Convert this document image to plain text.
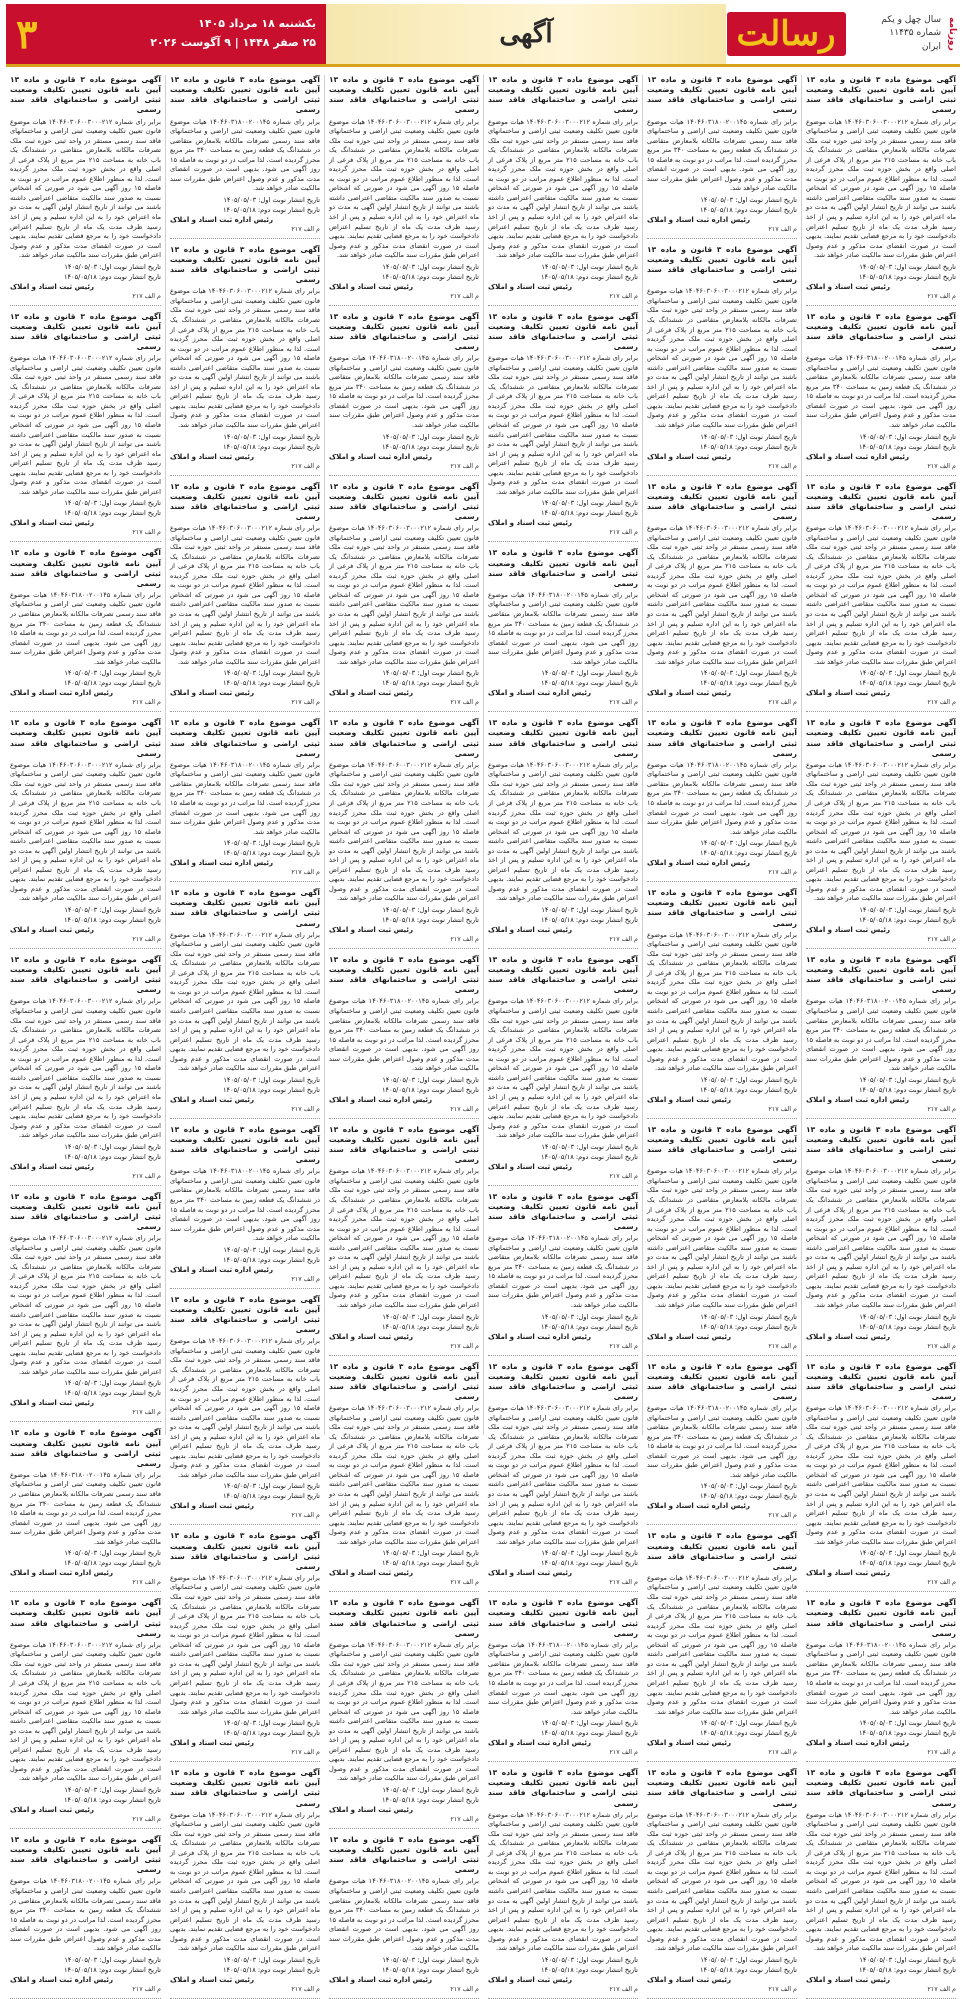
روزنامه
سال چهل و یکم
شماره ۱۱۴۳۵
ایران
رسالت
آگهی
یکشنبه ۱۸ مرداد ۱۴۰۵
۲۵ صفر ۱۴۴۸ | ۹ آگوست ۲۰۲۶
۳
آگهی موضوع ماده ۳ قانون و ماده ۱۳ آیین نامه قانون تعیین تکلیف وضعیت ثبتی اراضی و ساختمانهای فاقد سند رسمی

برابر رای شماره ۱۴۰۴۶۰۳۰۶۰۰۳۰۰۰۲۱۲ هیات موضوع قانون تعیین تکلیف وضعیت ثبتی اراضی و ساختمانهای فاقد سند رسمی مستقر در واحد ثبتی حوزه ثبت ملک تصرفات مالکانه بلامعارض متقاضی در ششدانگ یک باب خانه به مساحت ۲۱۵ متر مربع از پلاک فرعی از اصلی واقع در بخش حوزه ثبت ملک محرز گردیده است. لذا به منظور اطلاع عموم مراتب در دو نوبت به فاصله ۱۵ روز آگهی می شود در صورتی که اشخاص نسبت به صدور سند مالکیت متقاضی اعتراضی داشته باشند می توانند از تاریخ انتشار اولین آگهی به مدت دو ماه اعتراض خود را به این اداره تسلیم و پس از اخذ رسید ظرف مدت یک ماه از تاریخ تسلیم اعتراض دادخواست خود را به مرجع قضایی تقدیم نمایند. بدیهی است در صورت انقضای مدت مذکور و عدم وصول اعتراض طبق مقررات سند مالکیت صادر خواهد شد.

تاریخ انتشار نوبت اول: ۱۴۰۵/۰۵/۰۳
تاریخ انتشار نوبت دوم: ۱۴۰۵/۰۵/۱۸
رئیس ثبت اسناد و املاک
م الف ۲۱۷
آگهی موضوع ماده ۳ قانون و ماده ۱۳ آیین نامه قانون تعیین تکلیف وضعیت ثبتی اراضی و ساختمانهای فاقد سند رسمی

برابر رای شماره ۱۴۰۴۶۰۳۱۸۰۰۲۰۰۱۴۵ هیات موضوع قانون تعیین تکلیف وضعیت ثبتی اراضی و ساختمانهای فاقد سند رسمی تصرفات مالکانه بلامعارض متقاضی در ششدانگ یک قطعه زمین به مساحت ۳۴۰ متر مربع محرز گردیده است. لذا مراتب در دو نوبت به فاصله ۱۵ روز آگهی می شود. بدیهی است در صورت انقضای مدت مذکور و عدم وصول اعتراض طبق مقررات سند مالکیت صادر خواهد شد.

تاریخ انتشار نوبت اول: ۱۴۰۵/۰۵/۰۳
تاریخ انتشار نوبت دوم: ۱۴۰۵/۰۵/۱۸
رئیس اداره ثبت اسناد و املاک
م الف ۲۱۷
آگهی موضوع ماده ۳ قانون و ماده ۱۳ آیین نامه قانون تعیین تکلیف وضعیت ثبتی اراضی و ساختمانهای فاقد سند رسمی

برابر رای شماره ۱۴۰۴۶۰۳۰۶۰۰۳۰۰۰۲۱۲ هیات موضوع قانون تعیین تکلیف وضعیت ثبتی اراضی و ساختمانهای فاقد سند رسمی مستقر در واحد ثبتی حوزه ثبت ملک تصرفات مالکانه بلامعارض متقاضی در ششدانگ یک باب خانه به مساحت ۲۱۵ متر مربع از پلاک فرعی از اصلی واقع در بخش حوزه ثبت ملک محرز گردیده است. لذا به منظور اطلاع عموم مراتب در دو نوبت به فاصله ۱۵ روز آگهی می شود در صورتی که اشخاص نسبت به صدور سند مالکیت متقاضی اعتراضی داشته باشند می توانند از تاریخ انتشار اولین آگهی به مدت دو ماه اعتراض خود را به این اداره تسلیم و پس از اخذ رسید ظرف مدت یک ماه از تاریخ تسلیم اعتراض دادخواست خود را به مرجع قضایی تقدیم نمایند. بدیهی است در صورت انقضای مدت مذکور و عدم وصول اعتراض طبق مقررات سند مالکیت صادر خواهد شد.

تاریخ انتشار نوبت اول: ۱۴۰۵/۰۵/۰۳
تاریخ انتشار نوبت دوم: ۱۴۰۵/۰۵/۱۸
رئیس ثبت اسناد و املاک
م الف ۲۱۷
آگهی موضوع ماده ۳ قانون و ماده ۱۳ آیین نامه قانون تعیین تکلیف وضعیت ثبتی اراضی و ساختمانهای فاقد سند رسمی

برابر رای شماره ۱۴۰۴۶۰۳۰۶۰۰۳۰۰۰۲۱۲ هیات موضوع قانون تعیین تکلیف وضعیت ثبتی اراضی و ساختمانهای فاقد سند رسمی مستقر در واحد ثبتی حوزه ثبت ملک تصرفات مالکانه بلامعارض متقاضی در ششدانگ یک باب خانه به مساحت ۲۱۵ متر مربع از پلاک فرعی از اصلی واقع در بخش حوزه ثبت ملک محرز گردیده است. لذا به منظور اطلاع عموم مراتب در دو نوبت به فاصله ۱۵ روز آگهی می شود در صورتی که اشخاص نسبت به صدور سند مالکیت متقاضی اعتراضی داشته باشند می توانند از تاریخ انتشار اولین آگهی به مدت دو ماه اعتراض خود را به این اداره تسلیم و پس از اخذ رسید ظرف مدت یک ماه از تاریخ تسلیم اعتراض دادخواست خود را به مرجع قضایی تقدیم نمایند. بدیهی است در صورت انقضای مدت مذکور و عدم وصول اعتراض طبق مقررات سند مالکیت صادر خواهد شد.

تاریخ انتشار نوبت اول: ۱۴۰۵/۰۵/۰۳
تاریخ انتشار نوبت دوم: ۱۴۰۵/۰۵/۱۸
رئیس ثبت اسناد و املاک
م الف ۲۱۷
آگهی موضوع ماده ۳ قانون و ماده ۱۳ آیین نامه قانون تعیین تکلیف وضعیت ثبتی اراضی و ساختمانهای فاقد سند رسمی

برابر رای شماره ۱۴۰۴۶۰۳۱۸۰۰۲۰۰۱۴۵ هیات موضوع قانون تعیین تکلیف وضعیت ثبتی اراضی و ساختمانهای فاقد سند رسمی تصرفات مالکانه بلامعارض متقاضی در ششدانگ یک قطعه زمین به مساحت ۳۴۰ متر مربع محرز گردیده است. لذا مراتب در دو نوبت به فاصله ۱۵ روز آگهی می شود. بدیهی است در صورت انقضای مدت مذکور و عدم وصول اعتراض طبق مقررات سند مالکیت صادر خواهد شد.

تاریخ انتشار نوبت اول: ۱۴۰۵/۰۵/۰۳
تاریخ انتشار نوبت دوم: ۱۴۰۵/۰۵/۱۸
رئیس اداره ثبت اسناد و املاک
م الف ۲۱۷
آگهی موضوع ماده ۳ قانون و ماده ۱۳ آیین نامه قانون تعیین تکلیف وضعیت ثبتی اراضی و ساختمانهای فاقد سند رسمی

برابر رای شماره ۱۴۰۴۶۰۳۰۶۰۰۳۰۰۰۲۱۲ هیات موضوع قانون تعیین تکلیف وضعیت ثبتی اراضی و ساختمانهای فاقد سند رسمی مستقر در واحد ثبتی حوزه ثبت ملک تصرفات مالکانه بلامعارض متقاضی در ششدانگ یک باب خانه به مساحت ۲۱۵ متر مربع از پلاک فرعی از اصلی واقع در بخش حوزه ثبت ملک محرز گردیده است. لذا به منظور اطلاع عموم مراتب در دو نوبت به فاصله ۱۵ روز آگهی می شود در صورتی که اشخاص نسبت به صدور سند مالکیت متقاضی اعتراضی داشته باشند می توانند از تاریخ انتشار اولین آگهی به مدت دو ماه اعتراض خود را به این اداره تسلیم و پس از اخذ رسید ظرف مدت یک ماه از تاریخ تسلیم اعتراض دادخواست خود را به مرجع قضایی تقدیم نمایند. بدیهی است در صورت انقضای مدت مذکور و عدم وصول اعتراض طبق مقررات سند مالکیت صادر خواهد شد.

تاریخ انتشار نوبت اول: ۱۴۰۵/۰۵/۰۳
تاریخ انتشار نوبت دوم: ۱۴۰۵/۰۵/۱۸
رئیس ثبت اسناد و املاک
م الف ۲۱۷
آگهی موضوع ماده ۳ قانون و ماده ۱۳ آیین نامه قانون تعیین تکلیف وضعیت ثبتی اراضی و ساختمانهای فاقد سند رسمی

برابر رای شماره ۱۴۰۴۶۰۳۰۶۰۰۳۰۰۰۲۱۲ هیات موضوع قانون تعیین تکلیف وضعیت ثبتی اراضی و ساختمانهای فاقد سند رسمی مستقر در واحد ثبتی حوزه ثبت ملک تصرفات مالکانه بلامعارض متقاضی در ششدانگ یک باب خانه به مساحت ۲۱۵ متر مربع از پلاک فرعی از اصلی واقع در بخش حوزه ثبت ملک محرز گردیده است. لذا به منظور اطلاع عموم مراتب در دو نوبت به فاصله ۱۵ روز آگهی می شود در صورتی که اشخاص نسبت به صدور سند مالکیت متقاضی اعتراضی داشته باشند می توانند از تاریخ انتشار اولین آگهی به مدت دو ماه اعتراض خود را به این اداره تسلیم و پس از اخذ رسید ظرف مدت یک ماه از تاریخ تسلیم اعتراض دادخواست خود را به مرجع قضایی تقدیم نمایند. بدیهی است در صورت انقضای مدت مذکور و عدم وصول اعتراض طبق مقررات سند مالکیت صادر خواهد شد.

تاریخ انتشار نوبت اول: ۱۴۰۵/۰۵/۰۳
تاریخ انتشار نوبت دوم: ۱۴۰۵/۰۵/۱۸
رئیس ثبت اسناد و املاک
م الف ۲۱۷
آگهی موضوع ماده ۳ قانون و ماده ۱۳ آیین نامه قانون تعیین تکلیف وضعیت ثبتی اراضی و ساختمانهای فاقد سند رسمی

برابر رای شماره ۱۴۰۴۶۰۳۱۸۰۰۲۰۰۱۴۵ هیات موضوع قانون تعیین تکلیف وضعیت ثبتی اراضی و ساختمانهای فاقد سند رسمی تصرفات مالکانه بلامعارض متقاضی در ششدانگ یک قطعه زمین به مساحت ۳۴۰ متر مربع محرز گردیده است. لذا مراتب در دو نوبت به فاصله ۱۵ روز آگهی می شود. بدیهی است در صورت انقضای مدت مذکور و عدم وصول اعتراض طبق مقررات سند مالکیت صادر خواهد شد.

تاریخ انتشار نوبت اول: ۱۴۰۵/۰۵/۰۳
تاریخ انتشار نوبت دوم: ۱۴۰۵/۰۵/۱۸
رئیس اداره ثبت اسناد و املاک
م الف ۲۱۷
آگهی موضوع ماده ۳ قانون و ماده ۱۳ آیین نامه قانون تعیین تکلیف وضعیت ثبتی اراضی و ساختمانهای فاقد سند رسمی

برابر رای شماره ۱۴۰۴۶۰۳۰۶۰۰۳۰۰۰۲۱۲ هیات موضوع قانون تعیین تکلیف وضعیت ثبتی اراضی و ساختمانهای فاقد سند رسمی مستقر در واحد ثبتی حوزه ثبت ملک تصرفات مالکانه بلامعارض متقاضی در ششدانگ یک باب خانه به مساحت ۲۱۵ متر مربع از پلاک فرعی از اصلی واقع در بخش حوزه ثبت ملک محرز گردیده است. لذا به منظور اطلاع عموم مراتب در دو نوبت به فاصله ۱۵ روز آگهی می شود در صورتی که اشخاص نسبت به صدور سند مالکیت متقاضی اعتراضی داشته باشند می توانند از تاریخ انتشار اولین آگهی به مدت دو ماه اعتراض خود را به این اداره تسلیم و پس از اخذ رسید ظرف مدت یک ماه از تاریخ تسلیم اعتراض دادخواست خود را به مرجع قضایی تقدیم نمایند. بدیهی است در صورت انقضای مدت مذکور و عدم وصول اعتراض طبق مقررات سند مالکیت صادر خواهد شد.

تاریخ انتشار نوبت اول: ۱۴۰۵/۰۵/۰۳
تاریخ انتشار نوبت دوم: ۱۴۰۵/۰۵/۱۸
رئیس ثبت اسناد و املاک
م الف ۲۱۷
آگهی موضوع ماده ۳ قانون و ماده ۱۳ آیین نامه قانون تعیین تکلیف وضعیت ثبتی اراضی و ساختمانهای فاقد سند رسمی

برابر رای شماره ۱۴۰۴۶۰۳۱۸۰۰۲۰۰۱۴۵ هیات موضوع قانون تعیین تکلیف وضعیت ثبتی اراضی و ساختمانهای فاقد سند رسمی تصرفات مالکانه بلامعارض متقاضی در ششدانگ یک قطعه زمین به مساحت ۳۴۰ متر مربع محرز گردیده است. لذا مراتب در دو نوبت به فاصله ۱۵ روز آگهی می شود. بدیهی است در صورت انقضای مدت مذکور و عدم وصول اعتراض طبق مقررات سند مالکیت صادر خواهد شد.

تاریخ انتشار نوبت اول: ۱۴۰۵/۰۵/۰۳
تاریخ انتشار نوبت دوم: ۱۴۰۵/۰۵/۱۸
رئیس اداره ثبت اسناد و املاک
م الف ۲۱۷
آگهی موضوع ماده ۳ قانون و ماده ۱۳ آیین نامه قانون تعیین تکلیف وضعیت ثبتی اراضی و ساختمانهای فاقد سند رسمی

برابر رای شماره ۱۴۰۴۶۰۳۰۶۰۰۳۰۰۰۲۱۲ هیات موضوع قانون تعیین تکلیف وضعیت ثبتی اراضی و ساختمانهای فاقد سند رسمی مستقر در واحد ثبتی حوزه ثبت ملک تصرفات مالکانه بلامعارض متقاضی در ششدانگ یک باب خانه به مساحت ۲۱۵ متر مربع از پلاک فرعی از اصلی واقع در بخش حوزه ثبت ملک محرز گردیده است. لذا به منظور اطلاع عموم مراتب در دو نوبت به فاصله ۱۵ روز آگهی می شود در صورتی که اشخاص نسبت به صدور سند مالکیت متقاضی اعتراضی داشته باشند می توانند از تاریخ انتشار اولین آگهی به مدت دو ماه اعتراض خود را به این اداره تسلیم و پس از اخذ رسید ظرف مدت یک ماه از تاریخ تسلیم اعتراض دادخواست خود را به مرجع قضایی تقدیم نمایند. بدیهی است در صورت انقضای مدت مذکور و عدم وصول اعتراض طبق مقررات سند مالکیت صادر خواهد شد.

تاریخ انتشار نوبت اول: ۱۴۰۵/۰۵/۰۳
تاریخ انتشار نوبت دوم: ۱۴۰۵/۰۵/۱۸
رئیس ثبت اسناد و املاک
م الف ۲۱۷
آگهی موضوع ماده ۳ قانون و ماده ۱۳ آیین نامه قانون تعیین تکلیف وضعیت ثبتی اراضی و ساختمانهای فاقد سند رسمی

برابر رای شماره ۱۴۰۴۶۰۳۰۶۰۰۳۰۰۰۲۱۲ هیات موضوع قانون تعیین تکلیف وضعیت ثبتی اراضی و ساختمانهای فاقد سند رسمی مستقر در واحد ثبتی حوزه ثبت ملک تصرفات مالکانه بلامعارض متقاضی در ششدانگ یک باب خانه به مساحت ۲۱۵ متر مربع از پلاک فرعی از اصلی واقع در بخش حوزه ثبت ملک محرز گردیده است. لذا به منظور اطلاع عموم مراتب در دو نوبت به فاصله ۱۵ روز آگهی می شود در صورتی که اشخاص نسبت به صدور سند مالکیت متقاضی اعتراضی داشته باشند می توانند از تاریخ انتشار اولین آگهی به مدت دو ماه اعتراض خود را به این اداره تسلیم و پس از اخذ رسید ظرف مدت یک ماه از تاریخ تسلیم اعتراض دادخواست خود را به مرجع قضایی تقدیم نمایند. بدیهی است در صورت انقضای مدت مذکور و عدم وصول اعتراض طبق مقررات سند مالکیت صادر خواهد شد.

تاریخ انتشار نوبت اول: ۱۴۰۵/۰۵/۰۳
تاریخ انتشار نوبت دوم: ۱۴۰۵/۰۵/۱۸
رئیس ثبت اسناد و املاک
م الف ۲۱۷
آگهی موضوع ماده ۳ قانون و ماده ۱۳ آیین نامه قانون تعیین تکلیف وضعیت ثبتی اراضی و ساختمانهای فاقد سند رسمی

برابر رای شماره ۱۴۰۴۶۰۳۱۸۰۰۲۰۰۱۴۵ هیات موضوع قانون تعیین تکلیف وضعیت ثبتی اراضی و ساختمانهای فاقد سند رسمی تصرفات مالکانه بلامعارض متقاضی در ششدانگ یک قطعه زمین به مساحت ۳۴۰ متر مربع محرز گردیده است. لذا مراتب در دو نوبت به فاصله ۱۵ روز آگهی می شود. بدیهی است در صورت انقضای مدت مذکور و عدم وصول اعتراض طبق مقررات سند مالکیت صادر خواهد شد.

تاریخ انتشار نوبت اول: ۱۴۰۵/۰۵/۰۳
تاریخ انتشار نوبت دوم: ۱۴۰۵/۰۵/۱۸
رئیس اداره ثبت اسناد و املاک
م الف ۲۱۷
آگهی موضوع ماده ۳ قانون و ماده ۱۳ آیین نامه قانون تعیین تکلیف وضعیت ثبتی اراضی و ساختمانهای فاقد سند رسمی

برابر رای شماره ۱۴۰۴۶۰۳۰۶۰۰۳۰۰۰۲۱۲ هیات موضوع قانون تعیین تکلیف وضعیت ثبتی اراضی و ساختمانهای فاقد سند رسمی مستقر در واحد ثبتی حوزه ثبت ملک تصرفات مالکانه بلامعارض متقاضی در ششدانگ یک باب خانه به مساحت ۲۱۵ متر مربع از پلاک فرعی از اصلی واقع در بخش حوزه ثبت ملک محرز گردیده است. لذا به منظور اطلاع عموم مراتب در دو نوبت به فاصله ۱۵ روز آگهی می شود در صورتی که اشخاص نسبت به صدور سند مالکیت متقاضی اعتراضی داشته باشند می توانند از تاریخ انتشار اولین آگهی به مدت دو ماه اعتراض خود را به این اداره تسلیم و پس از اخذ رسید ظرف مدت یک ماه از تاریخ تسلیم اعتراض دادخواست خود را به مرجع قضایی تقدیم نمایند. بدیهی است در صورت انقضای مدت مذکور و عدم وصول اعتراض طبق مقررات سند مالکیت صادر خواهد شد.

تاریخ انتشار نوبت اول: ۱۴۰۵/۰۵/۰۳
تاریخ انتشار نوبت دوم: ۱۴۰۵/۰۵/۱۸
رئیس ثبت اسناد و املاک
م الف ۲۱۷
آگهی موضوع ماده ۳ قانون و ماده ۱۳ آیین نامه قانون تعیین تکلیف وضعیت ثبتی اراضی و ساختمانهای فاقد سند رسمی

برابر رای شماره ۱۴۰۴۶۰۳۰۶۰۰۳۰۰۰۲۱۲ هیات موضوع قانون تعیین تکلیف وضعیت ثبتی اراضی و ساختمانهای فاقد سند رسمی مستقر در واحد ثبتی حوزه ثبت ملک تصرفات مالکانه بلامعارض متقاضی در ششدانگ یک باب خانه به مساحت ۲۱۵ متر مربع از پلاک فرعی از اصلی واقع در بخش حوزه ثبت ملک محرز گردیده است. لذا به منظور اطلاع عموم مراتب در دو نوبت به فاصله ۱۵ روز آگهی می شود در صورتی که اشخاص نسبت به صدور سند مالکیت متقاضی اعتراضی داشته باشند می توانند از تاریخ انتشار اولین آگهی به مدت دو ماه اعتراض خود را به این اداره تسلیم و پس از اخذ رسید ظرف مدت یک ماه از تاریخ تسلیم اعتراض دادخواست خود را به مرجع قضایی تقدیم نمایند. بدیهی است در صورت انقضای مدت مذکور و عدم وصول اعتراض طبق مقررات سند مالکیت صادر خواهد شد.

تاریخ انتشار نوبت اول: ۱۴۰۵/۰۵/۰۳
تاریخ انتشار نوبت دوم: ۱۴۰۵/۰۵/۱۸
رئیس ثبت اسناد و املاک
م الف ۲۱۷
آگهی موضوع ماده ۳ قانون و ماده ۱۳ آیین نامه قانون تعیین تکلیف وضعیت ثبتی اراضی و ساختمانهای فاقد سند رسمی

برابر رای شماره ۱۴۰۴۶۰۳۱۸۰۰۲۰۰۱۴۵ هیات موضوع قانون تعیین تکلیف وضعیت ثبتی اراضی و ساختمانهای فاقد سند رسمی تصرفات مالکانه بلامعارض متقاضی در ششدانگ یک قطعه زمین به مساحت ۳۴۰ متر مربع محرز گردیده است. لذا مراتب در دو نوبت به فاصله ۱۵ روز آگهی می شود. بدیهی است در صورت انقضای مدت مذکور و عدم وصول اعتراض طبق مقررات سند مالکیت صادر خواهد شد.

تاریخ انتشار نوبت اول: ۱۴۰۵/۰۵/۰۳
تاریخ انتشار نوبت دوم: ۱۴۰۵/۰۵/۱۸
رئیس اداره ثبت اسناد و املاک
م الف ۲۱۷
آگهی موضوع ماده ۳ قانون و ماده ۱۳ آیین نامه قانون تعیین تکلیف وضعیت ثبتی اراضی و ساختمانهای فاقد سند رسمی

برابر رای شماره ۱۴۰۴۶۰۳۰۶۰۰۳۰۰۰۲۱۲ هیات موضوع قانون تعیین تکلیف وضعیت ثبتی اراضی و ساختمانهای فاقد سند رسمی مستقر در واحد ثبتی حوزه ثبت ملک تصرفات مالکانه بلامعارض متقاضی در ششدانگ یک باب خانه به مساحت ۲۱۵ متر مربع از پلاک فرعی از اصلی واقع در بخش حوزه ثبت ملک محرز گردیده است. لذا به منظور اطلاع عموم مراتب در دو نوبت به فاصله ۱۵ روز آگهی می شود در صورتی که اشخاص نسبت به صدور سند مالکیت متقاضی اعتراضی داشته باشند می توانند از تاریخ انتشار اولین آگهی به مدت دو ماه اعتراض خود را به این اداره تسلیم و پس از اخذ رسید ظرف مدت یک ماه از تاریخ تسلیم اعتراض دادخواست خود را به مرجع قضایی تقدیم نمایند. بدیهی است در صورت انقضای مدت مذکور و عدم وصول اعتراض طبق مقررات سند مالکیت صادر خواهد شد.

تاریخ انتشار نوبت اول: ۱۴۰۵/۰۵/۰۳
تاریخ انتشار نوبت دوم: ۱۴۰۵/۰۵/۱۸
رئیس ثبت اسناد و املاک
م الف ۲۱۷
آگهی موضوع ماده ۳ قانون و ماده ۱۳ آیین نامه قانون تعیین تکلیف وضعیت ثبتی اراضی و ساختمانهای فاقد سند رسمی

برابر رای شماره ۱۴۰۴۶۰۳۰۶۰۰۳۰۰۰۲۱۲ هیات موضوع قانون تعیین تکلیف وضعیت ثبتی اراضی و ساختمانهای فاقد سند رسمی مستقر در واحد ثبتی حوزه ثبت ملک تصرفات مالکانه بلامعارض متقاضی در ششدانگ یک باب خانه به مساحت ۲۱۵ متر مربع از پلاک فرعی از اصلی واقع در بخش حوزه ثبت ملک محرز گردیده است. لذا به منظور اطلاع عموم مراتب در دو نوبت به فاصله ۱۵ روز آگهی می شود در صورتی که اشخاص نسبت به صدور سند مالکیت متقاضی اعتراضی داشته باشند می توانند از تاریخ انتشار اولین آگهی به مدت دو ماه اعتراض خود را به این اداره تسلیم و پس از اخذ رسید ظرف مدت یک ماه از تاریخ تسلیم اعتراض دادخواست خود را به مرجع قضایی تقدیم نمایند. بدیهی است در صورت انقضای مدت مذکور و عدم وصول اعتراض طبق مقررات سند مالکیت صادر خواهد شد.

تاریخ انتشار نوبت اول: ۱۴۰۵/۰۵/۰۳
تاریخ انتشار نوبت دوم: ۱۴۰۵/۰۵/۱۸
رئیس ثبت اسناد و املاک
م الف ۲۱۷
آگهی موضوع ماده ۳ قانون و ماده ۱۳ آیین نامه قانون تعیین تکلیف وضعیت ثبتی اراضی و ساختمانهای فاقد سند رسمی

برابر رای شماره ۱۴۰۴۶۰۳۰۶۰۰۳۰۰۰۲۱۲ هیات موضوع قانون تعیین تکلیف وضعیت ثبتی اراضی و ساختمانهای فاقد سند رسمی مستقر در واحد ثبتی حوزه ثبت ملک تصرفات مالکانه بلامعارض متقاضی در ششدانگ یک باب خانه به مساحت ۲۱۵ متر مربع از پلاک فرعی از اصلی واقع در بخش حوزه ثبت ملک محرز گردیده است. لذا به منظور اطلاع عموم مراتب در دو نوبت به فاصله ۱۵ روز آگهی می شود در صورتی که اشخاص نسبت به صدور سند مالکیت متقاضی اعتراضی داشته باشند می توانند از تاریخ انتشار اولین آگهی به مدت دو ماه اعتراض خود را به این اداره تسلیم و پس از اخذ رسید ظرف مدت یک ماه از تاریخ تسلیم اعتراض دادخواست خود را به مرجع قضایی تقدیم نمایند. بدیهی است در صورت انقضای مدت مذکور و عدم وصول اعتراض طبق مقررات سند مالکیت صادر خواهد شد.

تاریخ انتشار نوبت اول: ۱۴۰۵/۰۵/۰۳
تاریخ انتشار نوبت دوم: ۱۴۰۵/۰۵/۱۸
رئیس ثبت اسناد و املاک
م الف ۲۱۷
آگهی موضوع ماده ۳ قانون و ماده ۱۳ آیین نامه قانون تعیین تکلیف وضعیت ثبتی اراضی و ساختمانهای فاقد سند رسمی

برابر رای شماره ۱۴۰۴۶۰۳۰۶۰۰۳۰۰۰۲۱۲ هیات موضوع قانون تعیین تکلیف وضعیت ثبتی اراضی و ساختمانهای فاقد سند رسمی مستقر در واحد ثبتی حوزه ثبت ملک تصرفات مالکانه بلامعارض متقاضی در ششدانگ یک باب خانه به مساحت ۲۱۵ متر مربع از پلاک فرعی از اصلی واقع در بخش حوزه ثبت ملک محرز گردیده است. لذا به منظور اطلاع عموم مراتب در دو نوبت به فاصله ۱۵ روز آگهی می شود در صورتی که اشخاص نسبت به صدور سند مالکیت متقاضی اعتراضی داشته باشند می توانند از تاریخ انتشار اولین آگهی به مدت دو ماه اعتراض خود را به این اداره تسلیم و پس از اخذ رسید ظرف مدت یک ماه از تاریخ تسلیم اعتراض دادخواست خود را به مرجع قضایی تقدیم نمایند. بدیهی است در صورت انقضای مدت مذکور و عدم وصول اعتراض طبق مقررات سند مالکیت صادر خواهد شد.

تاریخ انتشار نوبت اول: ۱۴۰۵/۰۵/۰۳
تاریخ انتشار نوبت دوم: ۱۴۰۵/۰۵/۱۸
رئیس ثبت اسناد و املاک
م الف ۲۱۷
آگهی موضوع ماده ۳ قانون و ماده ۱۳ آیین نامه قانون تعیین تکلیف وضعیت ثبتی اراضی و ساختمانهای فاقد سند رسمی

برابر رای شماره ۱۴۰۴۶۰۳۱۸۰۰۲۰۰۱۴۵ هیات موضوع قانون تعیین تکلیف وضعیت ثبتی اراضی و ساختمانهای فاقد سند رسمی تصرفات مالکانه بلامعارض متقاضی در ششدانگ یک قطعه زمین به مساحت ۳۴۰ متر مربع محرز گردیده است. لذا مراتب در دو نوبت به فاصله ۱۵ روز آگهی می شود. بدیهی است در صورت انقضای مدت مذکور و عدم وصول اعتراض طبق مقررات سند مالکیت صادر خواهد شد.

تاریخ انتشار نوبت اول: ۱۴۰۵/۰۵/۰۳
تاریخ انتشار نوبت دوم: ۱۴۰۵/۰۵/۱۸
رئیس اداره ثبت اسناد و املاک
م الف ۲۱۷
آگهی موضوع ماده ۳ قانون و ماده ۱۳ آیین نامه قانون تعیین تکلیف وضعیت ثبتی اراضی و ساختمانهای فاقد سند رسمی

برابر رای شماره ۱۴۰۴۶۰۳۰۶۰۰۳۰۰۰۲۱۲ هیات موضوع قانون تعیین تکلیف وضعیت ثبتی اراضی و ساختمانهای فاقد سند رسمی مستقر در واحد ثبتی حوزه ثبت ملک تصرفات مالکانه بلامعارض متقاضی در ششدانگ یک باب خانه به مساحت ۲۱۵ متر مربع از پلاک فرعی از اصلی واقع در بخش حوزه ثبت ملک محرز گردیده است. لذا به منظور اطلاع عموم مراتب در دو نوبت به فاصله ۱۵ روز آگهی می شود در صورتی که اشخاص نسبت به صدور سند مالکیت متقاضی اعتراضی داشته باشند می توانند از تاریخ انتشار اولین آگهی به مدت دو ماه اعتراض خود را به این اداره تسلیم و پس از اخذ رسید ظرف مدت یک ماه از تاریخ تسلیم اعتراض دادخواست خود را به مرجع قضایی تقدیم نمایند. بدیهی است در صورت انقضای مدت مذکور و عدم وصول اعتراض طبق مقررات سند مالکیت صادر خواهد شد.

تاریخ انتشار نوبت اول: ۱۴۰۵/۰۵/۰۳
تاریخ انتشار نوبت دوم: ۱۴۰۵/۰۵/۱۸
رئیس ثبت اسناد و املاک
م الف ۲۱۷
آگهی موضوع ماده ۳ قانون و ماده ۱۳ آیین نامه قانون تعیین تکلیف وضعیت ثبتی اراضی و ساختمانهای فاقد سند رسمی

برابر رای شماره ۱۴۰۴۶۰۳۰۶۰۰۳۰۰۰۲۱۲ هیات موضوع قانون تعیین تکلیف وضعیت ثبتی اراضی و ساختمانهای فاقد سند رسمی مستقر در واحد ثبتی حوزه ثبت ملک تصرفات مالکانه بلامعارض متقاضی در ششدانگ یک باب خانه به مساحت ۲۱۵ متر مربع از پلاک فرعی از اصلی واقع در بخش حوزه ثبت ملک محرز گردیده است. لذا به منظور اطلاع عموم مراتب در دو نوبت به فاصله ۱۵ روز آگهی می شود در صورتی که اشخاص نسبت به صدور سند مالکیت متقاضی اعتراضی داشته باشند می توانند از تاریخ انتشار اولین آگهی به مدت دو ماه اعتراض خود را به این اداره تسلیم و پس از اخذ رسید ظرف مدت یک ماه از تاریخ تسلیم اعتراض دادخواست خود را به مرجع قضایی تقدیم نمایند. بدیهی است در صورت انقضای مدت مذکور و عدم وصول اعتراض طبق مقررات سند مالکیت صادر خواهد شد.

تاریخ انتشار نوبت اول: ۱۴۰۵/۰۵/۰۳
تاریخ انتشار نوبت دوم: ۱۴۰۵/۰۵/۱۸
رئیس ثبت اسناد و املاک
م الف ۲۱۷
آگهی موضوع ماده ۳ قانون و ماده ۱۳ آیین نامه قانون تعیین تکلیف وضعیت ثبتی اراضی و ساختمانهای فاقد سند رسمی

برابر رای شماره ۱۴۰۴۶۰۳۱۸۰۰۲۰۰۱۴۵ هیات موضوع قانون تعیین تکلیف وضعیت ثبتی اراضی و ساختمانهای فاقد سند رسمی تصرفات مالکانه بلامعارض متقاضی در ششدانگ یک قطعه زمین به مساحت ۳۴۰ متر مربع محرز گردیده است. لذا مراتب در دو نوبت به فاصله ۱۵ روز آگهی می شود. بدیهی است در صورت انقضای مدت مذکور و عدم وصول اعتراض طبق مقررات سند مالکیت صادر خواهد شد.

تاریخ انتشار نوبت اول: ۱۴۰۵/۰۵/۰۳
تاریخ انتشار نوبت دوم: ۱۴۰۵/۰۵/۱۸
رئیس اداره ثبت اسناد و املاک
م الف ۲۱۷
آگهی موضوع ماده ۳ قانون و ماده ۱۳ آیین نامه قانون تعیین تکلیف وضعیت ثبتی اراضی و ساختمانهای فاقد سند رسمی

برابر رای شماره ۱۴۰۴۶۰۳۰۶۰۰۳۰۰۰۲۱۲ هیات موضوع قانون تعیین تکلیف وضعیت ثبتی اراضی و ساختمانهای فاقد سند رسمی مستقر در واحد ثبتی حوزه ثبت ملک تصرفات مالکانه بلامعارض متقاضی در ششدانگ یک باب خانه به مساحت ۲۱۵ متر مربع از پلاک فرعی از اصلی واقع در بخش حوزه ثبت ملک محرز گردیده است. لذا به منظور اطلاع عموم مراتب در دو نوبت به فاصله ۱۵ روز آگهی می شود در صورتی که اشخاص نسبت به صدور سند مالکیت متقاضی اعتراضی داشته باشند می توانند از تاریخ انتشار اولین آگهی به مدت دو ماه اعتراض خود را به این اداره تسلیم و پس از اخذ رسید ظرف مدت یک ماه از تاریخ تسلیم اعتراض دادخواست خود را به مرجع قضایی تقدیم نمایند. بدیهی است در صورت انقضای مدت مذکور و عدم وصول اعتراض طبق مقررات سند مالکیت صادر خواهد شد.

تاریخ انتشار نوبت اول: ۱۴۰۵/۰۵/۰۳
تاریخ انتشار نوبت دوم: ۱۴۰۵/۰۵/۱۸
رئیس ثبت اسناد و املاک
م الف ۲۱۷
آگهی موضوع ماده ۳ قانون و ماده ۱۳ آیین نامه قانون تعیین تکلیف وضعیت ثبتی اراضی و ساختمانهای فاقد سند رسمی

برابر رای شماره ۱۴۰۴۶۰۳۱۸۰۰۲۰۰۱۴۵ هیات موضوع قانون تعیین تکلیف وضعیت ثبتی اراضی و ساختمانهای فاقد سند رسمی تصرفات مالکانه بلامعارض متقاضی در ششدانگ یک قطعه زمین به مساحت ۳۴۰ متر مربع محرز گردیده است. لذا مراتب در دو نوبت به فاصله ۱۵ روز آگهی می شود. بدیهی است در صورت انقضای مدت مذکور و عدم وصول اعتراض طبق مقررات سند مالکیت صادر خواهد شد.

تاریخ انتشار نوبت اول: ۱۴۰۵/۰۵/۰۳
تاریخ انتشار نوبت دوم: ۱۴۰۵/۰۵/۱۸
رئیس اداره ثبت اسناد و املاک
م الف ۲۱۷
آگهی موضوع ماده ۳ قانون و ماده ۱۳ آیین نامه قانون تعیین تکلیف وضعیت ثبتی اراضی و ساختمانهای فاقد سند رسمی

برابر رای شماره ۱۴۰۴۶۰۳۰۶۰۰۳۰۰۰۲۱۲ هیات موضوع قانون تعیین تکلیف وضعیت ثبتی اراضی و ساختمانهای فاقد سند رسمی مستقر در واحد ثبتی حوزه ثبت ملک تصرفات مالکانه بلامعارض متقاضی در ششدانگ یک باب خانه به مساحت ۲۱۵ متر مربع از پلاک فرعی از اصلی واقع در بخش حوزه ثبت ملک محرز گردیده است. لذا به منظور اطلاع عموم مراتب در دو نوبت به فاصله ۱۵ روز آگهی می شود در صورتی که اشخاص نسبت به صدور سند مالکیت متقاضی اعتراضی داشته باشند می توانند از تاریخ انتشار اولین آگهی به مدت دو ماه اعتراض خود را به این اداره تسلیم و پس از اخذ رسید ظرف مدت یک ماه از تاریخ تسلیم اعتراض دادخواست خود را به مرجع قضایی تقدیم نمایند. بدیهی است در صورت انقضای مدت مذکور و عدم وصول اعتراض طبق مقررات سند مالکیت صادر خواهد شد.

تاریخ انتشار نوبت اول: ۱۴۰۵/۰۵/۰۳
تاریخ انتشار نوبت دوم: ۱۴۰۵/۰۵/۱۸
رئیس ثبت اسناد و املاک
م الف ۲۱۷
آگهی موضوع ماده ۳ قانون و ماده ۱۳ آیین نامه قانون تعیین تکلیف وضعیت ثبتی اراضی و ساختمانهای فاقد سند رسمی

برابر رای شماره ۱۴۰۴۶۰۳۰۶۰۰۳۰۰۰۲۱۲ هیات موضوع قانون تعیین تکلیف وضعیت ثبتی اراضی و ساختمانهای فاقد سند رسمی مستقر در واحد ثبتی حوزه ثبت ملک تصرفات مالکانه بلامعارض متقاضی در ششدانگ یک باب خانه به مساحت ۲۱۵ متر مربع از پلاک فرعی از اصلی واقع در بخش حوزه ثبت ملک محرز گردیده است. لذا به منظور اطلاع عموم مراتب در دو نوبت به فاصله ۱۵ روز آگهی می شود در صورتی که اشخاص نسبت به صدور سند مالکیت متقاضی اعتراضی داشته باشند می توانند از تاریخ انتشار اولین آگهی به مدت دو ماه اعتراض خود را به این اداره تسلیم و پس از اخذ رسید ظرف مدت یک ماه از تاریخ تسلیم اعتراض دادخواست خود را به مرجع قضایی تقدیم نمایند. بدیهی است در صورت انقضای مدت مذکور و عدم وصول اعتراض طبق مقررات سند مالکیت صادر خواهد شد.

تاریخ انتشار نوبت اول: ۱۴۰۵/۰۵/۰۳
تاریخ انتشار نوبت دوم: ۱۴۰۵/۰۵/۱۸
رئیس ثبت اسناد و املاک
م الف ۲۱۷
آگهی موضوع ماده ۳ قانون و ماده ۱۳ آیین نامه قانون تعیین تکلیف وضعیت ثبتی اراضی و ساختمانهای فاقد سند رسمی

برابر رای شماره ۱۴۰۴۶۰۳۱۸۰۰۲۰۰۱۴۵ هیات موضوع قانون تعیین تکلیف وضعیت ثبتی اراضی و ساختمانهای فاقد سند رسمی تصرفات مالکانه بلامعارض متقاضی در ششدانگ یک قطعه زمین به مساحت ۳۴۰ متر مربع محرز گردیده است. لذا مراتب در دو نوبت به فاصله ۱۵ روز آگهی می شود. بدیهی است در صورت انقضای مدت مذکور و عدم وصول اعتراض طبق مقررات سند مالکیت صادر خواهد شد.

تاریخ انتشار نوبت اول: ۱۴۰۵/۰۵/۰۳
تاریخ انتشار نوبت دوم: ۱۴۰۵/۰۵/۱۸
رئیس اداره ثبت اسناد و املاک
م الف ۲۱۷
آگهی موضوع ماده ۳ قانون و ماده ۱۳ آیین نامه قانون تعیین تکلیف وضعیت ثبتی اراضی و ساختمانهای فاقد سند رسمی

برابر رای شماره ۱۴۰۴۶۰۳۰۶۰۰۳۰۰۰۲۱۲ هیات موضوع قانون تعیین تکلیف وضعیت ثبتی اراضی و ساختمانهای فاقد سند رسمی مستقر در واحد ثبتی حوزه ثبت ملک تصرفات مالکانه بلامعارض متقاضی در ششدانگ یک باب خانه به مساحت ۲۱۵ متر مربع از پلاک فرعی از اصلی واقع در بخش حوزه ثبت ملک محرز گردیده است. لذا به منظور اطلاع عموم مراتب در دو نوبت به فاصله ۱۵ روز آگهی می شود در صورتی که اشخاص نسبت به صدور سند مالکیت متقاضی اعتراضی داشته باشند می توانند از تاریخ انتشار اولین آگهی به مدت دو ماه اعتراض خود را به این اداره تسلیم و پس از اخذ رسید ظرف مدت یک ماه از تاریخ تسلیم اعتراض دادخواست خود را به مرجع قضایی تقدیم نمایند. بدیهی است در صورت انقضای مدت مذکور و عدم وصول اعتراض طبق مقررات سند مالکیت صادر خواهد شد.

تاریخ انتشار نوبت اول: ۱۴۰۵/۰۵/۰۳
تاریخ انتشار نوبت دوم: ۱۴۰۵/۰۵/۱۸
رئیس ثبت اسناد و املاک
م الف ۲۱۷
آگهی موضوع ماده ۳ قانون و ماده ۱۳ آیین نامه قانون تعیین تکلیف وضعیت ثبتی اراضی و ساختمانهای فاقد سند رسمی

برابر رای شماره ۱۴۰۴۶۰۳۰۶۰۰۳۰۰۰۲۱۲ هیات موضوع قانون تعیین تکلیف وضعیت ثبتی اراضی و ساختمانهای فاقد سند رسمی مستقر در واحد ثبتی حوزه ثبت ملک تصرفات مالکانه بلامعارض متقاضی در ششدانگ یک باب خانه به مساحت ۲۱۵ متر مربع از پلاک فرعی از اصلی واقع در بخش حوزه ثبت ملک محرز گردیده است. لذا به منظور اطلاع عموم مراتب در دو نوبت به فاصله ۱۵ روز آگهی می شود در صورتی که اشخاص نسبت به صدور سند مالکیت متقاضی اعتراضی داشته باشند می توانند از تاریخ انتشار اولین آگهی به مدت دو ماه اعتراض خود را به این اداره تسلیم و پس از اخذ رسید ظرف مدت یک ماه از تاریخ تسلیم اعتراض دادخواست خود را به مرجع قضایی تقدیم نمایند. بدیهی است در صورت انقضای مدت مذکور و عدم وصول اعتراض طبق مقررات سند مالکیت صادر خواهد شد.

تاریخ انتشار نوبت اول: ۱۴۰۵/۰۵/۰۳
تاریخ انتشار نوبت دوم: ۱۴۰۵/۰۵/۱۸
رئیس ثبت اسناد و املاک
م الف ۲۱۷
آگهی موضوع ماده ۳ قانون و ماده ۱۳ آیین نامه قانون تعیین تکلیف وضعیت ثبتی اراضی و ساختمانهای فاقد سند رسمی

برابر رای شماره ۱۴۰۴۶۰۳۱۸۰۰۲۰۰۱۴۵ هیات موضوع قانون تعیین تکلیف وضعیت ثبتی اراضی و ساختمانهای فاقد سند رسمی تصرفات مالکانه بلامعارض متقاضی در ششدانگ یک قطعه زمین به مساحت ۳۴۰ متر مربع محرز گردیده است. لذا مراتب در دو نوبت به فاصله ۱۵ روز آگهی می شود. بدیهی است در صورت انقضای مدت مذکور و عدم وصول اعتراض طبق مقررات سند مالکیت صادر خواهد شد.

تاریخ انتشار نوبت اول: ۱۴۰۵/۰۵/۰۳
تاریخ انتشار نوبت دوم: ۱۴۰۵/۰۵/۱۸
رئیس اداره ثبت اسناد و املاک
م الف ۲۱۷
آگهی موضوع ماده ۳ قانون و ماده ۱۳ آیین نامه قانون تعیین تکلیف وضعیت ثبتی اراضی و ساختمانهای فاقد سند رسمی

برابر رای شماره ۱۴۰۴۶۰۳۰۶۰۰۳۰۰۰۲۱۲ هیات موضوع قانون تعیین تکلیف وضعیت ثبتی اراضی و ساختمانهای فاقد سند رسمی مستقر در واحد ثبتی حوزه ثبت ملک تصرفات مالکانه بلامعارض متقاضی در ششدانگ یک باب خانه به مساحت ۲۱۵ متر مربع از پلاک فرعی از اصلی واقع در بخش حوزه ثبت ملک محرز گردیده است. لذا به منظور اطلاع عموم مراتب در دو نوبت به فاصله ۱۵ روز آگهی می شود در صورتی که اشخاص نسبت به صدور سند مالکیت متقاضی اعتراضی داشته باشند می توانند از تاریخ انتشار اولین آگهی به مدت دو ماه اعتراض خود را به این اداره تسلیم و پس از اخذ رسید ظرف مدت یک ماه از تاریخ تسلیم اعتراض دادخواست خود را به مرجع قضایی تقدیم نمایند. بدیهی است در صورت انقضای مدت مذکور و عدم وصول اعتراض طبق مقررات سند مالکیت صادر خواهد شد.

تاریخ انتشار نوبت اول: ۱۴۰۵/۰۵/۰۳
تاریخ انتشار نوبت دوم: ۱۴۰۵/۰۵/۱۸
رئیس ثبت اسناد و املاک
م الف ۲۱۷
آگهی موضوع ماده ۳ قانون و ماده ۱۳ آیین نامه قانون تعیین تکلیف وضعیت ثبتی اراضی و ساختمانهای فاقد سند رسمی

برابر رای شماره ۱۴۰۴۶۰۳۰۶۰۰۳۰۰۰۲۱۲ هیات موضوع قانون تعیین تکلیف وضعیت ثبتی اراضی و ساختمانهای فاقد سند رسمی مستقر در واحد ثبتی حوزه ثبت ملک تصرفات مالکانه بلامعارض متقاضی در ششدانگ یک باب خانه به مساحت ۲۱۵ متر مربع از پلاک فرعی از اصلی واقع در بخش حوزه ثبت ملک محرز گردیده است. لذا به منظور اطلاع عموم مراتب در دو نوبت به فاصله ۱۵ روز آگهی می شود در صورتی که اشخاص نسبت به صدور سند مالکیت متقاضی اعتراضی داشته باشند می توانند از تاریخ انتشار اولین آگهی به مدت دو ماه اعتراض خود را به این اداره تسلیم و پس از اخذ رسید ظرف مدت یک ماه از تاریخ تسلیم اعتراض دادخواست خود را به مرجع قضایی تقدیم نمایند. بدیهی است در صورت انقضای مدت مذکور و عدم وصول اعتراض طبق مقررات سند مالکیت صادر خواهد شد.

تاریخ انتشار نوبت اول: ۱۴۰۵/۰۵/۰۳
تاریخ انتشار نوبت دوم: ۱۴۰۵/۰۵/۱۸
رئیس ثبت اسناد و املاک
م الف ۲۱۷
آگهی موضوع ماده ۳ قانون و ماده ۱۳ آیین نامه قانون تعیین تکلیف وضعیت ثبتی اراضی و ساختمانهای فاقد سند رسمی

برابر رای شماره ۱۴۰۴۶۰۳۰۶۰۰۳۰۰۰۲۱۲ هیات موضوع قانون تعیین تکلیف وضعیت ثبتی اراضی و ساختمانهای فاقد سند رسمی مستقر در واحد ثبتی حوزه ثبت ملک تصرفات مالکانه بلامعارض متقاضی در ششدانگ یک باب خانه به مساحت ۲۱۵ متر مربع از پلاک فرعی از اصلی واقع در بخش حوزه ثبت ملک محرز گردیده است. لذا به منظور اطلاع عموم مراتب در دو نوبت به فاصله ۱۵ روز آگهی می شود در صورتی که اشخاص نسبت به صدور سند مالکیت متقاضی اعتراضی داشته باشند می توانند از تاریخ انتشار اولین آگهی به مدت دو ماه اعتراض خود را به این اداره تسلیم و پس از اخذ رسید ظرف مدت یک ماه از تاریخ تسلیم اعتراض دادخواست خود را به مرجع قضایی تقدیم نمایند. بدیهی است در صورت انقضای مدت مذکور و عدم وصول اعتراض طبق مقررات سند مالکیت صادر خواهد شد.

تاریخ انتشار نوبت اول: ۱۴۰۵/۰۵/۰۳
تاریخ انتشار نوبت دوم: ۱۴۰۵/۰۵/۱۸
رئیس ثبت اسناد و املاک
م الف ۲۱۷
آگهی موضوع ماده ۳ قانون و ماده ۱۳ آیین نامه قانون تعیین تکلیف وضعیت ثبتی اراضی و ساختمانهای فاقد سند رسمی

برابر رای شماره ۱۴۰۴۶۰۳۱۸۰۰۲۰۰۱۴۵ هیات موضوع قانون تعیین تکلیف وضعیت ثبتی اراضی و ساختمانهای فاقد سند رسمی تصرفات مالکانه بلامعارض متقاضی در ششدانگ یک قطعه زمین به مساحت ۳۴۰ متر مربع محرز گردیده است. لذا مراتب در دو نوبت به فاصله ۱۵ روز آگهی می شود. بدیهی است در صورت انقضای مدت مذکور و عدم وصول اعتراض طبق مقررات سند مالکیت صادر خواهد شد.

تاریخ انتشار نوبت اول: ۱۴۰۵/۰۵/۰۳
تاریخ انتشار نوبت دوم: ۱۴۰۵/۰۵/۱۸
رئیس اداره ثبت اسناد و املاک
م الف ۲۱۷
آگهی موضوع ماده ۳ قانون و ماده ۱۳ آیین نامه قانون تعیین تکلیف وضعیت ثبتی اراضی و ساختمانهای فاقد سند رسمی

برابر رای شماره ۱۴۰۴۶۰۳۱۸۰۰۲۰۰۱۴۵ هیات موضوع قانون تعیین تکلیف وضعیت ثبتی اراضی و ساختمانهای فاقد سند رسمی تصرفات مالکانه بلامعارض متقاضی در ششدانگ یک قطعه زمین به مساحت ۳۴۰ متر مربع محرز گردیده است. لذا مراتب در دو نوبت به فاصله ۱۵ روز آگهی می شود. بدیهی است در صورت انقضای مدت مذکور و عدم وصول اعتراض طبق مقررات سند مالکیت صادر خواهد شد.

تاریخ انتشار نوبت اول: ۱۴۰۵/۰۵/۰۳
تاریخ انتشار نوبت دوم: ۱۴۰۵/۰۵/۱۸
رئیس اداره ثبت اسناد و املاک
م الف ۲۱۷
آگهی موضوع ماده ۳ قانون و ماده ۱۳ آیین نامه قانون تعیین تکلیف وضعیت ثبتی اراضی و ساختمانهای فاقد سند رسمی

برابر رای شماره ۱۴۰۴۶۰۳۰۶۰۰۳۰۰۰۲۱۲ هیات موضوع قانون تعیین تکلیف وضعیت ثبتی اراضی و ساختمانهای فاقد سند رسمی مستقر در واحد ثبتی حوزه ثبت ملک تصرفات مالکانه بلامعارض متقاضی در ششدانگ یک باب خانه به مساحت ۲۱۵ متر مربع از پلاک فرعی از اصلی واقع در بخش حوزه ثبت ملک محرز گردیده است. لذا به منظور اطلاع عموم مراتب در دو نوبت به فاصله ۱۵ روز آگهی می شود در صورتی که اشخاص نسبت به صدور سند مالکیت متقاضی اعتراضی داشته باشند می توانند از تاریخ انتشار اولین آگهی به مدت دو ماه اعتراض خود را به این اداره تسلیم و پس از اخذ رسید ظرف مدت یک ماه از تاریخ تسلیم اعتراض دادخواست خود را به مرجع قضایی تقدیم نمایند. بدیهی است در صورت انقضای مدت مذکور و عدم وصول اعتراض طبق مقررات سند مالکیت صادر خواهد شد.

تاریخ انتشار نوبت اول: ۱۴۰۵/۰۵/۰۳
تاریخ انتشار نوبت دوم: ۱۴۰۵/۰۵/۱۸
رئیس ثبت اسناد و املاک
م الف ۲۱۷
آگهی موضوع ماده ۳ قانون و ماده ۱۳ آیین نامه قانون تعیین تکلیف وضعیت ثبتی اراضی و ساختمانهای فاقد سند رسمی

برابر رای شماره ۱۴۰۴۶۰۳۰۶۰۰۳۰۰۰۲۱۲ هیات موضوع قانون تعیین تکلیف وضعیت ثبتی اراضی و ساختمانهای فاقد سند رسمی مستقر در واحد ثبتی حوزه ثبت ملک تصرفات مالکانه بلامعارض متقاضی در ششدانگ یک باب خانه به مساحت ۲۱۵ متر مربع از پلاک فرعی از اصلی واقع در بخش حوزه ثبت ملک محرز گردیده است. لذا به منظور اطلاع عموم مراتب در دو نوبت به فاصله ۱۵ روز آگهی می شود در صورتی که اشخاص نسبت به صدور سند مالکیت متقاضی اعتراضی داشته باشند می توانند از تاریخ انتشار اولین آگهی به مدت دو ماه اعتراض خود را به این اداره تسلیم و پس از اخذ رسید ظرف مدت یک ماه از تاریخ تسلیم اعتراض دادخواست خود را به مرجع قضایی تقدیم نمایند. بدیهی است در صورت انقضای مدت مذکور و عدم وصول اعتراض طبق مقررات سند مالکیت صادر خواهد شد.

تاریخ انتشار نوبت اول: ۱۴۰۵/۰۵/۰۳
تاریخ انتشار نوبت دوم: ۱۴۰۵/۰۵/۱۸
رئیس ثبت اسناد و املاک
م الف ۲۱۷
آگهی موضوع ماده ۳ قانون و ماده ۱۳ آیین نامه قانون تعیین تکلیف وضعیت ثبتی اراضی و ساختمانهای فاقد سند رسمی

برابر رای شماره ۱۴۰۴۶۰۳۱۸۰۰۲۰۰۱۴۵ هیات موضوع قانون تعیین تکلیف وضعیت ثبتی اراضی و ساختمانهای فاقد سند رسمی تصرفات مالکانه بلامعارض متقاضی در ششدانگ یک قطعه زمین به مساحت ۳۴۰ متر مربع محرز گردیده است. لذا مراتب در دو نوبت به فاصله ۱۵ روز آگهی می شود. بدیهی است در صورت انقضای مدت مذکور و عدم وصول اعتراض طبق مقررات سند مالکیت صادر خواهد شد.

تاریخ انتشار نوبت اول: ۱۴۰۵/۰۵/۰۳
تاریخ انتشار نوبت دوم: ۱۴۰۵/۰۵/۱۸
رئیس اداره ثبت اسناد و املاک
م الف ۲۱۷
آگهی موضوع ماده ۳ قانون و ماده ۱۳ آیین نامه قانون تعیین تکلیف وضعیت ثبتی اراضی و ساختمانهای فاقد سند رسمی

برابر رای شماره ۱۴۰۴۶۰۳۰۶۰۰۳۰۰۰۲۱۲ هیات موضوع قانون تعیین تکلیف وضعیت ثبتی اراضی و ساختمانهای فاقد سند رسمی مستقر در واحد ثبتی حوزه ثبت ملک تصرفات مالکانه بلامعارض متقاضی در ششدانگ یک باب خانه به مساحت ۲۱۵ متر مربع از پلاک فرعی از اصلی واقع در بخش حوزه ثبت ملک محرز گردیده است. لذا به منظور اطلاع عموم مراتب در دو نوبت به فاصله ۱۵ روز آگهی می شود در صورتی که اشخاص نسبت به صدور سند مالکیت متقاضی اعتراضی داشته باشند می توانند از تاریخ انتشار اولین آگهی به مدت دو ماه اعتراض خود را به این اداره تسلیم و پس از اخذ رسید ظرف مدت یک ماه از تاریخ تسلیم اعتراض دادخواست خود را به مرجع قضایی تقدیم نمایند. بدیهی است در صورت انقضای مدت مذکور و عدم وصول اعتراض طبق مقررات سند مالکیت صادر خواهد شد.

تاریخ انتشار نوبت اول: ۱۴۰۵/۰۵/۰۳
تاریخ انتشار نوبت دوم: ۱۴۰۵/۰۵/۱۸
رئیس ثبت اسناد و املاک
م الف ۲۱۷
آگهی موضوع ماده ۳ قانون و ماده ۱۳ آیین نامه قانون تعیین تکلیف وضعیت ثبتی اراضی و ساختمانهای فاقد سند رسمی

برابر رای شماره ۱۴۰۴۶۰۳۱۸۰۰۲۰۰۱۴۵ هیات موضوع قانون تعیین تکلیف وضعیت ثبتی اراضی و ساختمانهای فاقد سند رسمی تصرفات مالکانه بلامعارض متقاضی در ششدانگ یک قطعه زمین به مساحت ۳۴۰ متر مربع محرز گردیده است. لذا مراتب در دو نوبت به فاصله ۱۵ روز آگهی می شود. بدیهی است در صورت انقضای مدت مذکور و عدم وصول اعتراض طبق مقررات سند مالکیت صادر خواهد شد.

تاریخ انتشار نوبت اول: ۱۴۰۵/۰۵/۰۳
تاریخ انتشار نوبت دوم: ۱۴۰۵/۰۵/۱۸
رئیس اداره ثبت اسناد و املاک
م الف ۲۱۷
آگهی موضوع ماده ۳ قانون و ماده ۱۳ آیین نامه قانون تعیین تکلیف وضعیت ثبتی اراضی و ساختمانهای فاقد سند رسمی

برابر رای شماره ۱۴۰۴۶۰۳۰۶۰۰۳۰۰۰۲۱۲ هیات موضوع قانون تعیین تکلیف وضعیت ثبتی اراضی و ساختمانهای فاقد سند رسمی مستقر در واحد ثبتی حوزه ثبت ملک تصرفات مالکانه بلامعارض متقاضی در ششدانگ یک باب خانه به مساحت ۲۱۵ متر مربع از پلاک فرعی از اصلی واقع در بخش حوزه ثبت ملک محرز گردیده است. لذا به منظور اطلاع عموم مراتب در دو نوبت به فاصله ۱۵ روز آگهی می شود در صورتی که اشخاص نسبت به صدور سند مالکیت متقاضی اعتراضی داشته باشند می توانند از تاریخ انتشار اولین آگهی به مدت دو ماه اعتراض خود را به این اداره تسلیم و پس از اخذ رسید ظرف مدت یک ماه از تاریخ تسلیم اعتراض دادخواست خود را به مرجع قضایی تقدیم نمایند. بدیهی است در صورت انقضای مدت مذکور و عدم وصول اعتراض طبق مقررات سند مالکیت صادر خواهد شد.

تاریخ انتشار نوبت اول: ۱۴۰۵/۰۵/۰۳
تاریخ انتشار نوبت دوم: ۱۴۰۵/۰۵/۱۸
رئیس ثبت اسناد و املاک
م الف ۲۱۷
آگهی موضوع ماده ۳ قانون و ماده ۱۳ آیین نامه قانون تعیین تکلیف وضعیت ثبتی اراضی و ساختمانهای فاقد سند رسمی

برابر رای شماره ۱۴۰۴۶۰۳۰۶۰۰۳۰۰۰۲۱۲ هیات موضوع قانون تعیین تکلیف وضعیت ثبتی اراضی و ساختمانهای فاقد سند رسمی مستقر در واحد ثبتی حوزه ثبت ملک تصرفات مالکانه بلامعارض متقاضی در ششدانگ یک باب خانه به مساحت ۲۱۵ متر مربع از پلاک فرعی از اصلی واقع در بخش حوزه ثبت ملک محرز گردیده است. لذا به منظور اطلاع عموم مراتب در دو نوبت به فاصله ۱۵ روز آگهی می شود در صورتی که اشخاص نسبت به صدور سند مالکیت متقاضی اعتراضی داشته باشند می توانند از تاریخ انتشار اولین آگهی به مدت دو ماه اعتراض خود را به این اداره تسلیم و پس از اخذ رسید ظرف مدت یک ماه از تاریخ تسلیم اعتراض دادخواست خود را به مرجع قضایی تقدیم نمایند. بدیهی است در صورت انقضای مدت مذکور و عدم وصول اعتراض طبق مقررات سند مالکیت صادر خواهد شد.

تاریخ انتشار نوبت اول: ۱۴۰۵/۰۵/۰۳
تاریخ انتشار نوبت دوم: ۱۴۰۵/۰۵/۱۸
رئیس ثبت اسناد و املاک
م الف ۲۱۷
آگهی موضوع ماده ۳ قانون و ماده ۱۳ آیین نامه قانون تعیین تکلیف وضعیت ثبتی اراضی و ساختمانهای فاقد سند رسمی

برابر رای شماره ۱۴۰۴۶۰۳۰۶۰۰۳۰۰۰۲۱۲ هیات موضوع قانون تعیین تکلیف وضعیت ثبتی اراضی و ساختمانهای فاقد سند رسمی مستقر در واحد ثبتی حوزه ثبت ملک تصرفات مالکانه بلامعارض متقاضی در ششدانگ یک باب خانه به مساحت ۲۱۵ متر مربع از پلاک فرعی از اصلی واقع در بخش حوزه ثبت ملک محرز گردیده است. لذا به منظور اطلاع عموم مراتب در دو نوبت به فاصله ۱۵ روز آگهی می شود در صورتی که اشخاص نسبت به صدور سند مالکیت متقاضی اعتراضی داشته باشند می توانند از تاریخ انتشار اولین آگهی به مدت دو ماه اعتراض خود را به این اداره تسلیم و پس از اخذ رسید ظرف مدت یک ماه از تاریخ تسلیم اعتراض دادخواست خود را به مرجع قضایی تقدیم نمایند. بدیهی است در صورت انقضای مدت مذکور و عدم وصول اعتراض طبق مقررات سند مالکیت صادر خواهد شد.

تاریخ انتشار نوبت اول: ۱۴۰۵/۰۵/۰۳
تاریخ انتشار نوبت دوم: ۱۴۰۵/۰۵/۱۸
رئیس ثبت اسناد و املاک
م الف ۲۱۷
آگهی موضوع ماده ۳ قانون و ماده ۱۳ آیین نامه قانون تعیین تکلیف وضعیت ثبتی اراضی و ساختمانهای فاقد سند رسمی

برابر رای شماره ۱۴۰۴۶۰۳۰۶۰۰۳۰۰۰۲۱۲ هیات موضوع قانون تعیین تکلیف وضعیت ثبتی اراضی و ساختمانهای فاقد سند رسمی مستقر در واحد ثبتی حوزه ثبت ملک تصرفات مالکانه بلامعارض متقاضی در ششدانگ یک باب خانه به مساحت ۲۱۵ متر مربع از پلاک فرعی از اصلی واقع در بخش حوزه ثبت ملک محرز گردیده است. لذا به منظور اطلاع عموم مراتب در دو نوبت به فاصله ۱۵ روز آگهی می شود در صورتی که اشخاص نسبت به صدور سند مالکیت متقاضی اعتراضی داشته باشند می توانند از تاریخ انتشار اولین آگهی به مدت دو ماه اعتراض خود را به این اداره تسلیم و پس از اخذ رسید ظرف مدت یک ماه از تاریخ تسلیم اعتراض دادخواست خود را به مرجع قضایی تقدیم نمایند. بدیهی است در صورت انقضای مدت مذکور و عدم وصول اعتراض طبق مقررات سند مالکیت صادر خواهد شد.

تاریخ انتشار نوبت اول: ۱۴۰۵/۰۵/۰۳
تاریخ انتشار نوبت دوم: ۱۴۰۵/۰۵/۱۸
رئیس ثبت اسناد و املاک
م الف ۲۱۷
آگهی موضوع ماده ۳ قانون و ماده ۱۳ آیین نامه قانون تعیین تکلیف وضعیت ثبتی اراضی و ساختمانهای فاقد سند رسمی

برابر رای شماره ۱۴۰۴۶۰۳۰۶۰۰۳۰۰۰۲۱۲ هیات موضوع قانون تعیین تکلیف وضعیت ثبتی اراضی و ساختمانهای فاقد سند رسمی مستقر در واحد ثبتی حوزه ثبت ملک تصرفات مالکانه بلامعارض متقاضی در ششدانگ یک باب خانه به مساحت ۲۱۵ متر مربع از پلاک فرعی از اصلی واقع در بخش حوزه ثبت ملک محرز گردیده است. لذا به منظور اطلاع عموم مراتب در دو نوبت به فاصله ۱۵ روز آگهی می شود در صورتی که اشخاص نسبت به صدور سند مالکیت متقاضی اعتراضی داشته باشند می توانند از تاریخ انتشار اولین آگهی به مدت دو ماه اعتراض خود را به این اداره تسلیم و پس از اخذ رسید ظرف مدت یک ماه از تاریخ تسلیم اعتراض دادخواست خود را به مرجع قضایی تقدیم نمایند. بدیهی است در صورت انقضای مدت مذکور و عدم وصول اعتراض طبق مقررات سند مالکیت صادر خواهد شد.

تاریخ انتشار نوبت اول: ۱۴۰۵/۰۵/۰۳
تاریخ انتشار نوبت دوم: ۱۴۰۵/۰۵/۱۸
رئیس ثبت اسناد و املاک
م الف ۲۱۷
آگهی موضوع ماده ۳ قانون و ماده ۱۳ آیین نامه قانون تعیین تکلیف وضعیت ثبتی اراضی و ساختمانهای فاقد سند رسمی

برابر رای شماره ۱۴۰۴۶۰۳۱۸۰۰۲۰۰۱۴۵ هیات موضوع قانون تعیین تکلیف وضعیت ثبتی اراضی و ساختمانهای فاقد سند رسمی تصرفات مالکانه بلامعارض متقاضی در ششدانگ یک قطعه زمین به مساحت ۳۴۰ متر مربع محرز گردیده است. لذا مراتب در دو نوبت به فاصله ۱۵ روز آگهی می شود. بدیهی است در صورت انقضای مدت مذکور و عدم وصول اعتراض طبق مقررات سند مالکیت صادر خواهد شد.

تاریخ انتشار نوبت اول: ۱۴۰۵/۰۵/۰۳
تاریخ انتشار نوبت دوم: ۱۴۰۵/۰۵/۱۸
رئیس اداره ثبت اسناد و املاک
م الف ۲۱۷
آگهی موضوع ماده ۳ قانون و ماده ۱۳ آیین نامه قانون تعیین تکلیف وضعیت ثبتی اراضی و ساختمانهای فاقد سند رسمی

برابر رای شماره ۱۴۰۴۶۰۳۰۶۰۰۳۰۰۰۲۱۲ هیات موضوع قانون تعیین تکلیف وضعیت ثبتی اراضی و ساختمانهای فاقد سند رسمی مستقر در واحد ثبتی حوزه ثبت ملک تصرفات مالکانه بلامعارض متقاضی در ششدانگ یک باب خانه به مساحت ۲۱۵ متر مربع از پلاک فرعی از اصلی واقع در بخش حوزه ثبت ملک محرز گردیده است. لذا به منظور اطلاع عموم مراتب در دو نوبت به فاصله ۱۵ روز آگهی می شود در صورتی که اشخاص نسبت به صدور سند مالکیت متقاضی اعتراضی داشته باشند می توانند از تاریخ انتشار اولین آگهی به مدت دو ماه اعتراض خود را به این اداره تسلیم و پس از اخذ رسید ظرف مدت یک ماه از تاریخ تسلیم اعتراض دادخواست خود را به مرجع قضایی تقدیم نمایند. بدیهی است در صورت انقضای مدت مذکور و عدم وصول اعتراض طبق مقررات سند مالکیت صادر خواهد شد.

تاریخ انتشار نوبت اول: ۱۴۰۵/۰۵/۰۳
تاریخ انتشار نوبت دوم: ۱۴۰۵/۰۵/۱۸
رئیس ثبت اسناد و املاک
م الف ۲۱۷
آگهی موضوع ماده ۳ قانون و ماده ۱۳ آیین نامه قانون تعیین تکلیف وضعیت ثبتی اراضی و ساختمانهای فاقد سند رسمی

برابر رای شماره ۱۴۰۴۶۰۳۰۶۰۰۳۰۰۰۲۱۲ هیات موضوع قانون تعیین تکلیف وضعیت ثبتی اراضی و ساختمانهای فاقد سند رسمی مستقر در واحد ثبتی حوزه ثبت ملک تصرفات مالکانه بلامعارض متقاضی در ششدانگ یک باب خانه به مساحت ۲۱۵ متر مربع از پلاک فرعی از اصلی واقع در بخش حوزه ثبت ملک محرز گردیده است. لذا به منظور اطلاع عموم مراتب در دو نوبت به فاصله ۱۵ روز آگهی می شود در صورتی که اشخاص نسبت به صدور سند مالکیت متقاضی اعتراضی داشته باشند می توانند از تاریخ انتشار اولین آگهی به مدت دو ماه اعتراض خود را به این اداره تسلیم و پس از اخذ رسید ظرف مدت یک ماه از تاریخ تسلیم اعتراض دادخواست خود را به مرجع قضایی تقدیم نمایند. بدیهی است در صورت انقضای مدت مذکور و عدم وصول اعتراض طبق مقررات سند مالکیت صادر خواهد شد.

تاریخ انتشار نوبت اول: ۱۴۰۵/۰۵/۰۳
تاریخ انتشار نوبت دوم: ۱۴۰۵/۰۵/۱۸
رئیس ثبت اسناد و املاک
م الف ۲۱۷
آگهی موضوع ماده ۳ قانون و ماده ۱۳ آیین نامه قانون تعیین تکلیف وضعیت ثبتی اراضی و ساختمانهای فاقد سند رسمی

برابر رای شماره ۱۴۰۴۶۰۳۰۶۰۰۳۰۰۰۲۱۲ هیات موضوع قانون تعیین تکلیف وضعیت ثبتی اراضی و ساختمانهای فاقد سند رسمی مستقر در واحد ثبتی حوزه ثبت ملک تصرفات مالکانه بلامعارض متقاضی در ششدانگ یک باب خانه به مساحت ۲۱۵ متر مربع از پلاک فرعی از اصلی واقع در بخش حوزه ثبت ملک محرز گردیده است. لذا به منظور اطلاع عموم مراتب در دو نوبت به فاصله ۱۵ روز آگهی می شود در صورتی که اشخاص نسبت به صدور سند مالکیت متقاضی اعتراضی داشته باشند می توانند از تاریخ انتشار اولین آگهی به مدت دو ماه اعتراض خود را به این اداره تسلیم و پس از اخذ رسید ظرف مدت یک ماه از تاریخ تسلیم اعتراض دادخواست خود را به مرجع قضایی تقدیم نمایند. بدیهی است در صورت انقضای مدت مذکور و عدم وصول اعتراض طبق مقررات سند مالکیت صادر خواهد شد.

تاریخ انتشار نوبت اول: ۱۴۰۵/۰۵/۰۳
تاریخ انتشار نوبت دوم: ۱۴۰۵/۰۵/۱۸
رئیس ثبت اسناد و املاک
م الف ۲۱۷
آگهی موضوع ماده ۳ قانون و ماده ۱۳ آیین نامه قانون تعیین تکلیف وضعیت ثبتی اراضی و ساختمانهای فاقد سند رسمی

برابر رای شماره ۱۴۰۴۶۰۳۱۸۰۰۲۰۰۱۴۵ هیات موضوع قانون تعیین تکلیف وضعیت ثبتی اراضی و ساختمانهای فاقد سند رسمی تصرفات مالکانه بلامعارض متقاضی در ششدانگ یک قطعه زمین به مساحت ۳۴۰ متر مربع محرز گردیده است. لذا مراتب در دو نوبت به فاصله ۱۵ روز آگهی می شود. بدیهی است در صورت انقضای مدت مذکور و عدم وصول اعتراض طبق مقررات سند مالکیت صادر خواهد شد.

تاریخ انتشار نوبت اول: ۱۴۰۵/۰۵/۰۳
تاریخ انتشار نوبت دوم: ۱۴۰۵/۰۵/۱۸
رئیس اداره ثبت اسناد و املاک
م الف ۲۱۷
آگهی موضوع ماده ۳ قانون و ماده ۱۳ آیین نامه قانون تعیین تکلیف وضعیت ثبتی اراضی و ساختمانهای فاقد سند رسمی

برابر رای شماره ۱۴۰۴۶۰۳۰۶۰۰۳۰۰۰۲۱۲ هیات موضوع قانون تعیین تکلیف وضعیت ثبتی اراضی و ساختمانهای فاقد سند رسمی مستقر در واحد ثبتی حوزه ثبت ملک تصرفات مالکانه بلامعارض متقاضی در ششدانگ یک باب خانه به مساحت ۲۱۵ متر مربع از پلاک فرعی از اصلی واقع در بخش حوزه ثبت ملک محرز گردیده است. لذا به منظور اطلاع عموم مراتب در دو نوبت به فاصله ۱۵ روز آگهی می شود در صورتی که اشخاص نسبت به صدور سند مالکیت متقاضی اعتراضی داشته باشند می توانند از تاریخ انتشار اولین آگهی به مدت دو ماه اعتراض خود را به این اداره تسلیم و پس از اخذ رسید ظرف مدت یک ماه از تاریخ تسلیم اعتراض دادخواست خود را به مرجع قضایی تقدیم نمایند. بدیهی است در صورت انقضای مدت مذکور و عدم وصول اعتراض طبق مقررات سند مالکیت صادر خواهد شد.

تاریخ انتشار نوبت اول: ۱۴۰۵/۰۵/۰۳
تاریخ انتشار نوبت دوم: ۱۴۰۵/۰۵/۱۸
رئیس ثبت اسناد و املاک
م الف ۲۱۷
آگهی موضوع ماده ۳ قانون و ماده ۱۳ آیین نامه قانون تعیین تکلیف وضعیت ثبتی اراضی و ساختمانهای فاقد سند رسمی

برابر رای شماره ۱۴۰۴۶۰۳۱۸۰۰۲۰۰۱۴۵ هیات موضوع قانون تعیین تکلیف وضعیت ثبتی اراضی و ساختمانهای فاقد سند رسمی تصرفات مالکانه بلامعارض متقاضی در ششدانگ یک قطعه زمین به مساحت ۳۴۰ متر مربع محرز گردیده است. لذا مراتب در دو نوبت به فاصله ۱۵ روز آگهی می شود. بدیهی است در صورت انقضای مدت مذکور و عدم وصول اعتراض طبق مقررات سند مالکیت صادر خواهد شد.

تاریخ انتشار نوبت اول: ۱۴۰۵/۰۵/۰۳
تاریخ انتشار نوبت دوم: ۱۴۰۵/۰۵/۱۸
رئیس اداره ثبت اسناد و املاک
م الف ۲۱۷
